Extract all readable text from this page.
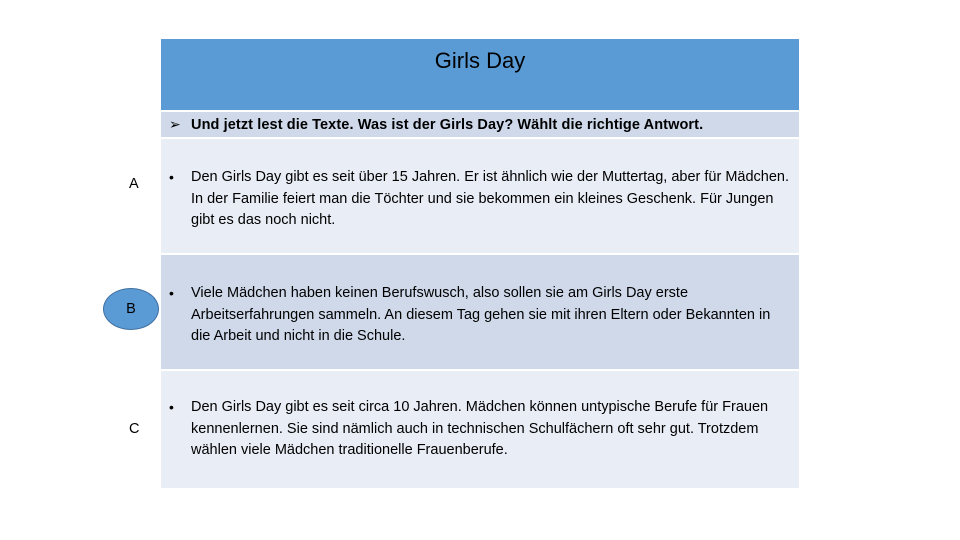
A
B
C
Girls Day
➢ Und jetzt lest die Texte. Was ist der Girls Day? Wählt die richtige Antwort.
•	Den Girls Day gibt es seit über 15 Jahren. Er ist ähnlich wie der Muttertag, aber für Mädchen. In der Familie feiert man die Töchter und sie bekommen ein kleines Geschenk. Für Jungen gibt es das noch nicht.
•	Viele Mädchen haben keinen Berufswusch, also sollen sie am Girls Day erste Arbeitserfahrungen sammeln. An diesem Tag gehen sie mit ihren Eltern oder Bekannten in die Arbeit und nicht in die Schule.
•	Den Girls Day gibt es seit circa 10 Jahren. Mädchen können untypische Berufe für Frauen kennenlernen. Sie sind nämlich auch in technischen Schulfächern oft sehr gut. Trotzdem wählen viele Mädchen traditionelle Frauenberufe.
